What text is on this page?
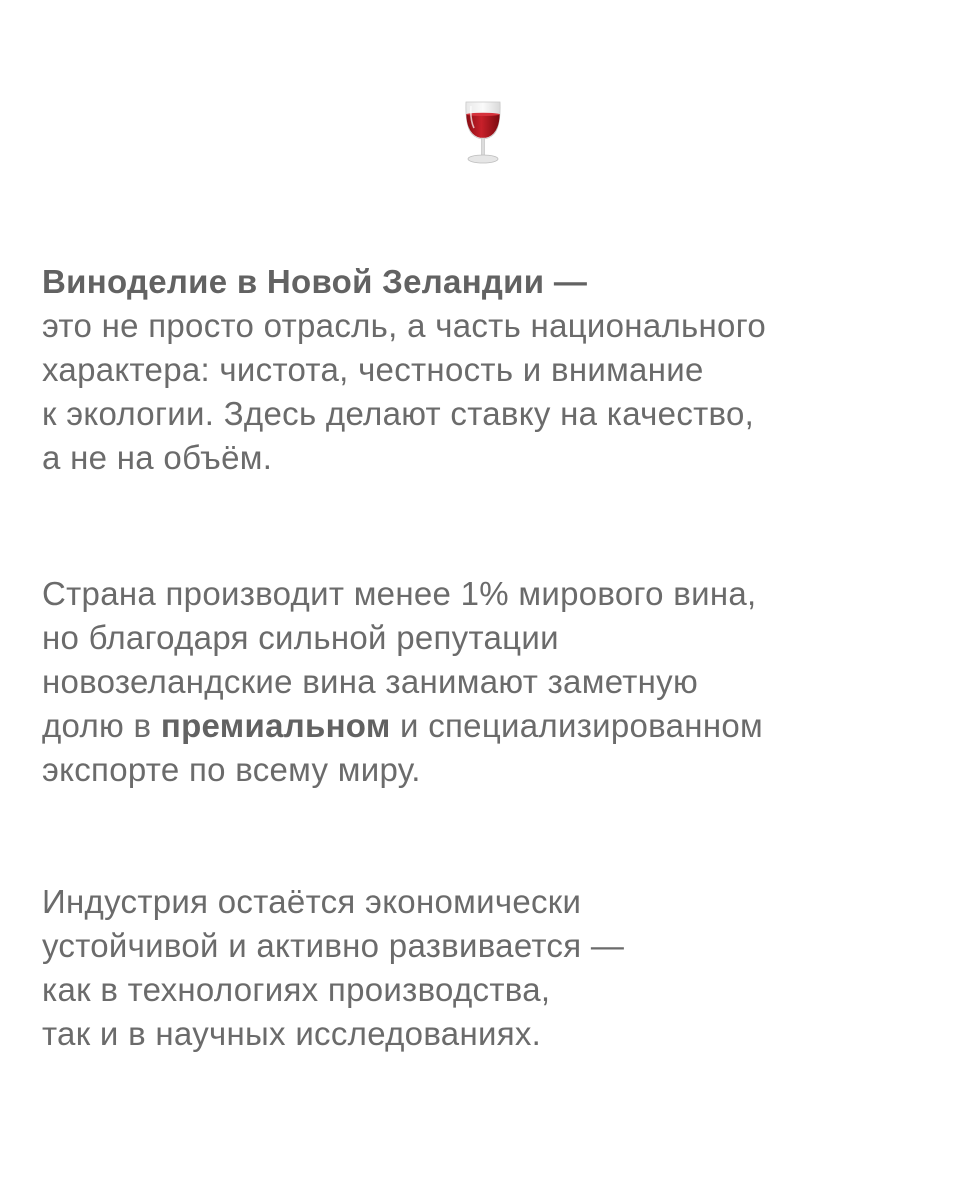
Виноделие в Новой Зеландии —
это не просто отрасль, а часть национального
характера: чистота, честность и внимание
к экологии. Здесь делают ставку на качество,
а не на объём.

Страна производит менее 1% мирового вина,
но благодаря сильной репутации
новозеландские вина занимают заметную
долю в премиальном и специализированном
экспорте по всему миру.

Индустрия остаётся экономически
устойчивой и активно развивается —
как в технологиях производства,
так и в научных исследованиях.
